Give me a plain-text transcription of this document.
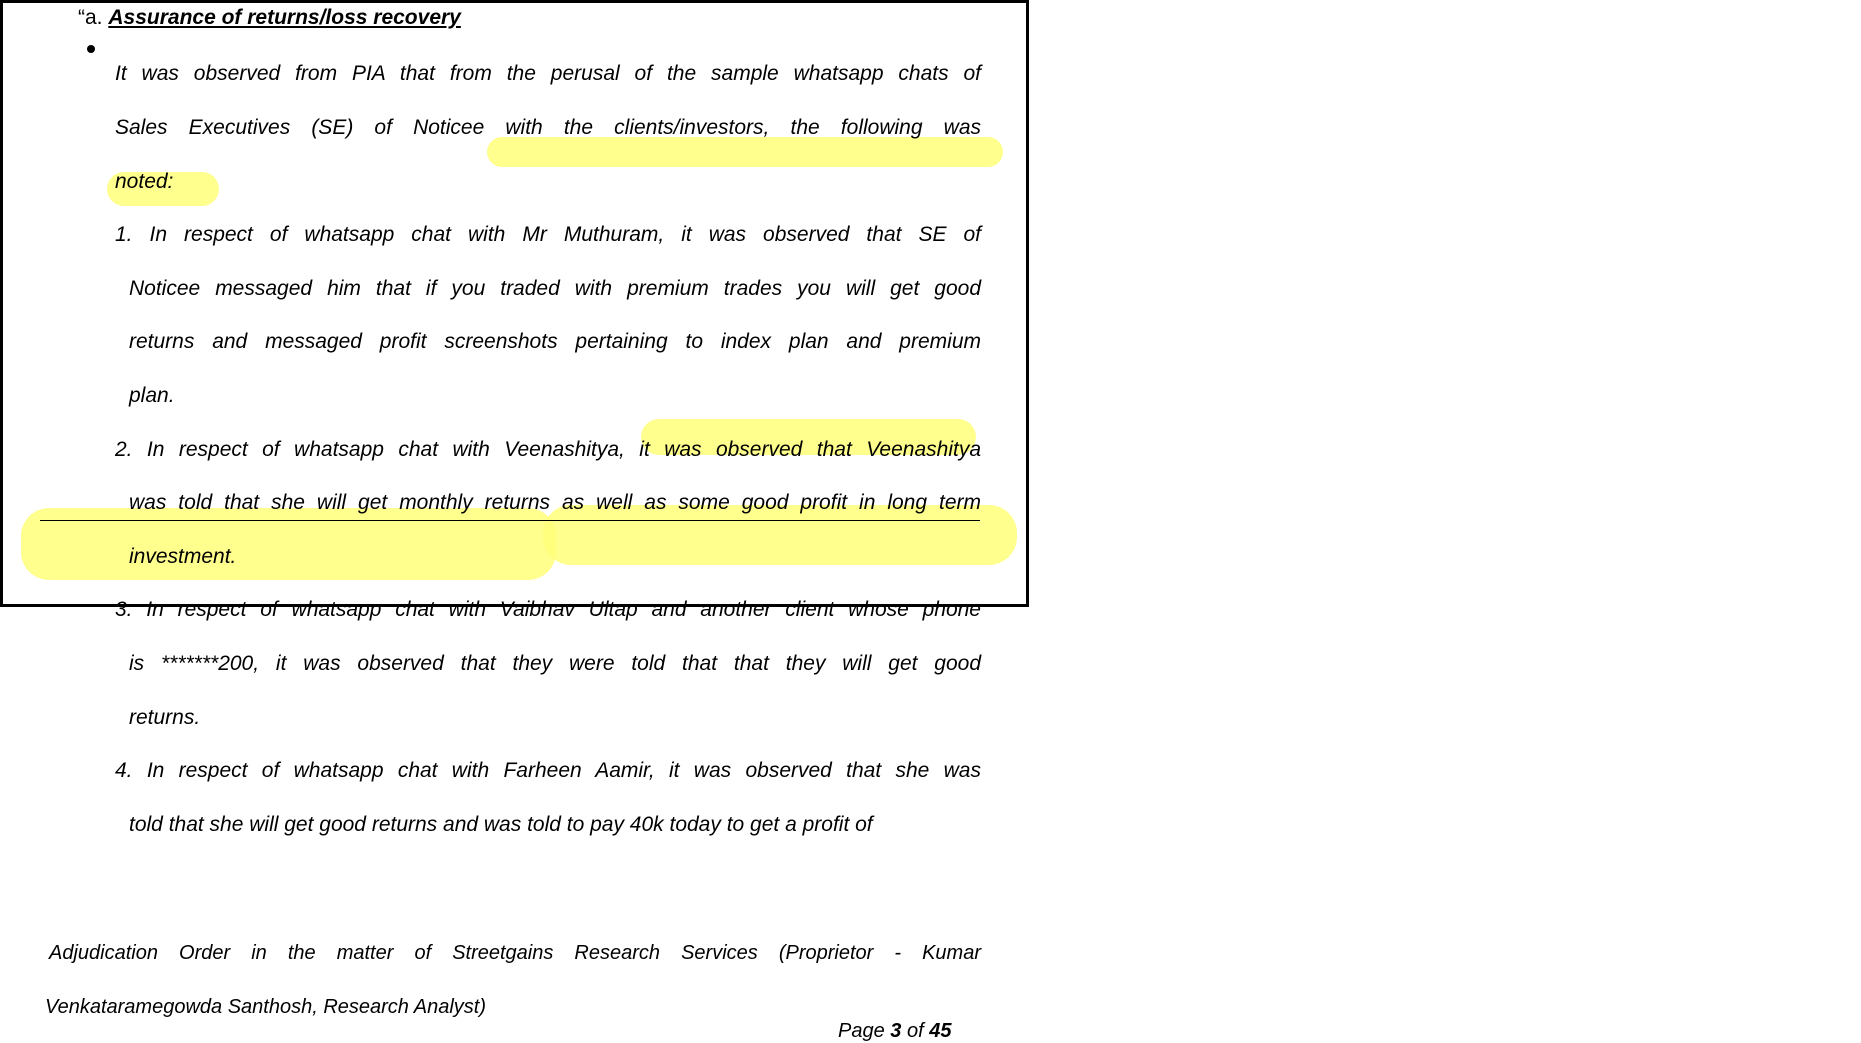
“a. Assurance of returns/loss recovery
It was observed from PIA that from the perusal of the sample whatsapp chats of
Sales Executives (SE) of Noticee with the clients/investors, the following was
noted:
1. In respect of whatsapp chat with Mr Muthuram, it was observed that SE of
Noticee messaged him that if you traded with premium trades you will get good
returns and messaged profit screenshots pertaining to index plan and premium
plan.
2. In respect of whatsapp chat with Veenashitya, it was observed that Veenashitya
was told that she will get monthly returns as well as some good profit in long term
investment.
3. In respect of whatsapp chat with Vaibhav Ultap and another client whose phone
is *******200, it was observed that they were told that that they will get good
returns.
4. In respect of whatsapp chat with Farheen Aamir, it was observed that she was
told that she will get good returns and was told to pay 40k today to get a profit of
Adjudication Order in the matter of Streetgains Research Services (Proprietor - Kumar
Venkataramegowda Santhosh, Research Analyst)
Page 3 of 45
